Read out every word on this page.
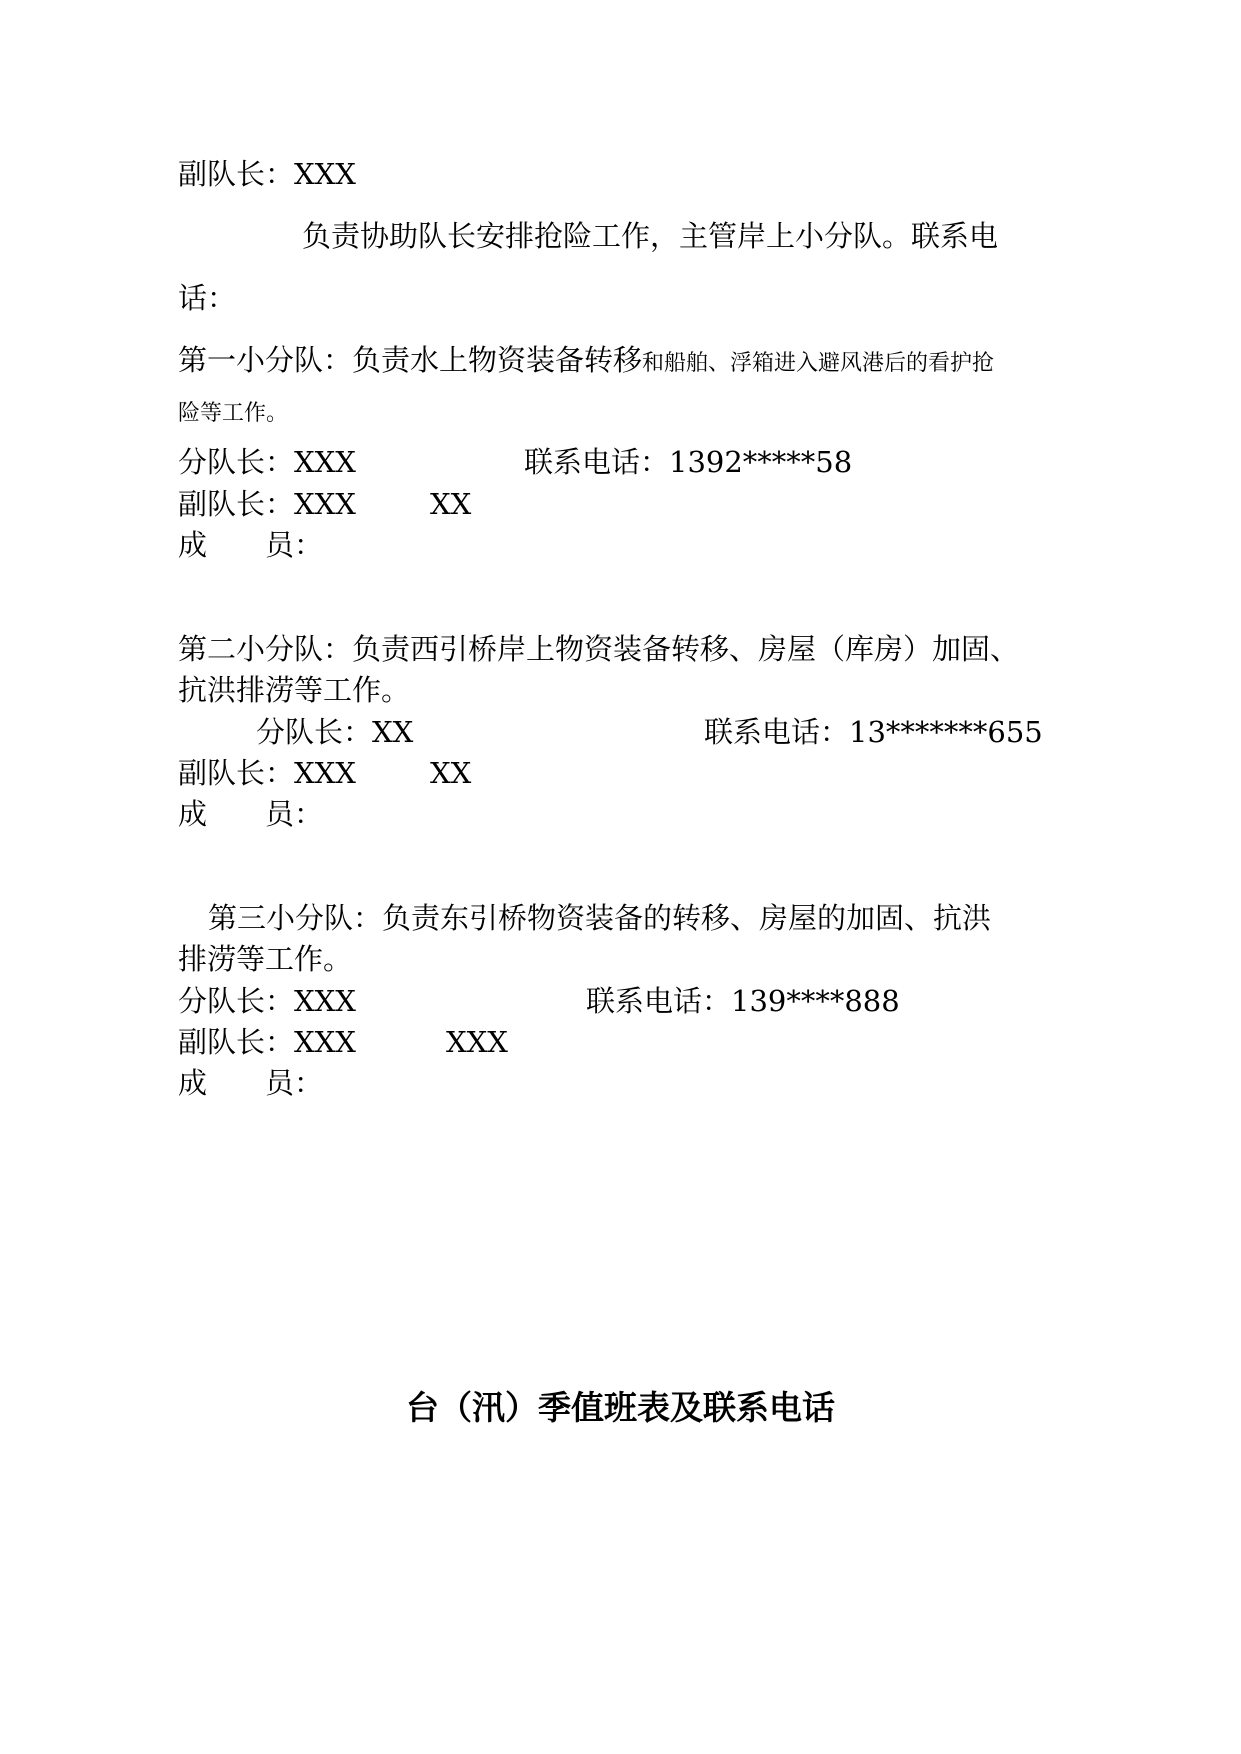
副队长：XXX
负责协助队长安排抢险工作，主管岸上小分队。联系电
话：
第一小分队：负责水上物资装备转移和船舶、浮箱进入避风港后的看护抢
险等工作。
分队长：XXX	联系电话：1392*****58
副队长：XXX	XX
成　　员：
第二小分队：负责西引桥岸上物资装备转移、房屋（库房）加固、
抗洪排涝等工作。
分队长：XX	联系电话：13*******655
副队长：XXX	XX
成　　员：
第三小分队：负责东引桥物资装备的转移、房屋的加固、抗洪
排涝等工作。
分队长：XXX	联系电话：139****888
副队长：XXX	XXX
成　　员：
台（汛）季值班表及联系电话
